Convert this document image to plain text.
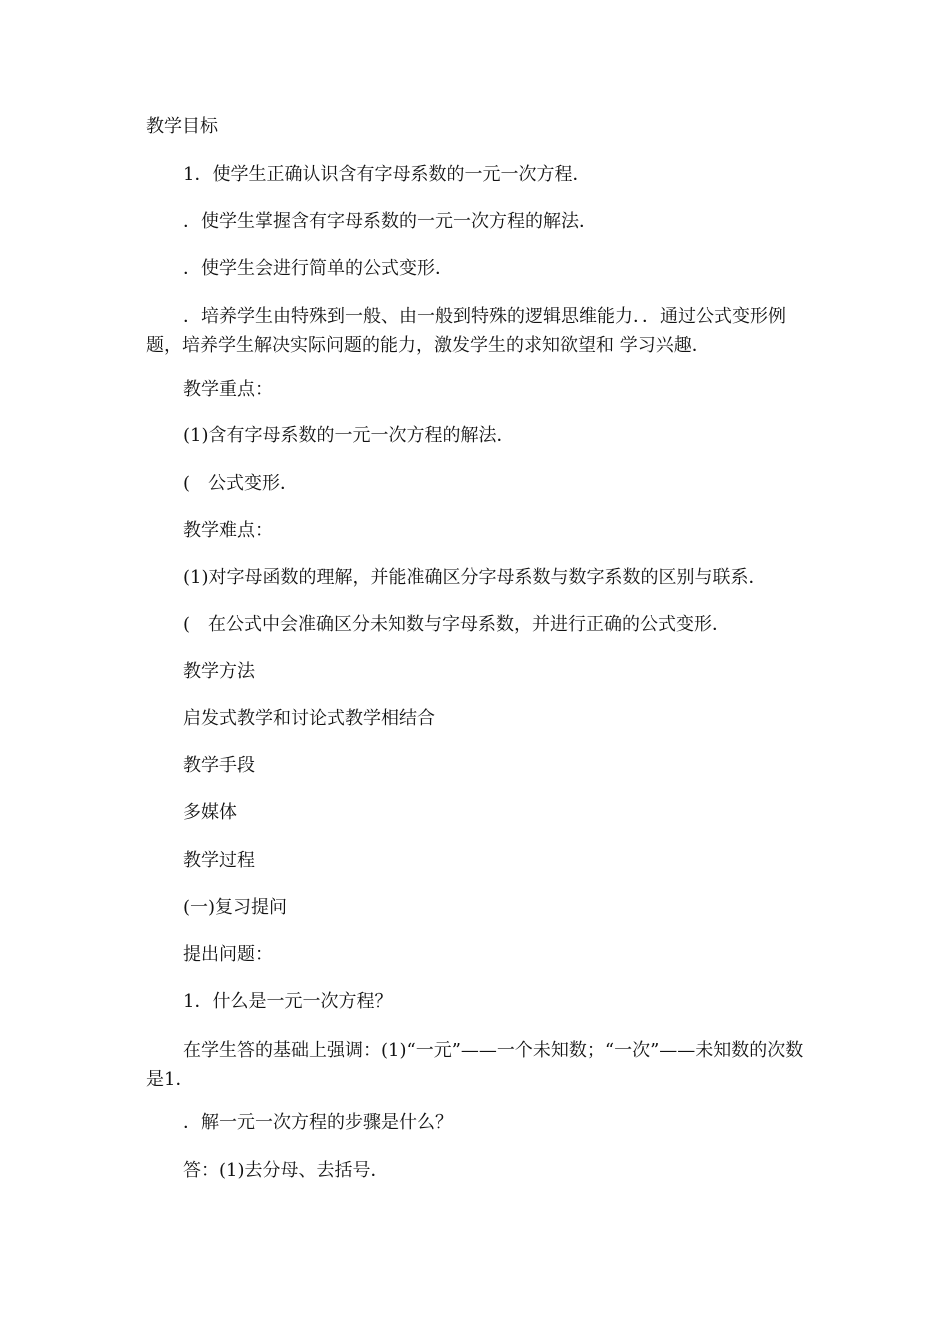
教学目标
1．使学生正确认识含有字母系数的一元一次方程．
．使学生掌握含有字母系数的一元一次方程的解法．
．使学生会进行简单的公式变形．
．培养学生由特殊到一般、由一般到特殊的逻辑思维能力．．通过公式变形例题，培养学生解决实际问题的能力，激发学生的求知欲望和 学习兴趣．
教学重点：
(1)含有字母系数的一元一次方程的解法．
(　公式变形．
教学难点：
(1)对字母函数的理解，并能准确区分字母系数与数字系数的区别与联系．
(　在公式中会准确区分未知数与字母系数，并进行正确的公式变形．
教学方法
启发式教学和讨论式教学相结合
教学手段
多媒体
教学过程
(一)复习提问
提出问题：
1．什么是一元一次方程？
在学生答的基础上强调：(1)“一元”——一个未知数；“一次”——未知数的次数是1．
．解一元一次方程的步骤是什么？
答：(1)去分母、去括号．
